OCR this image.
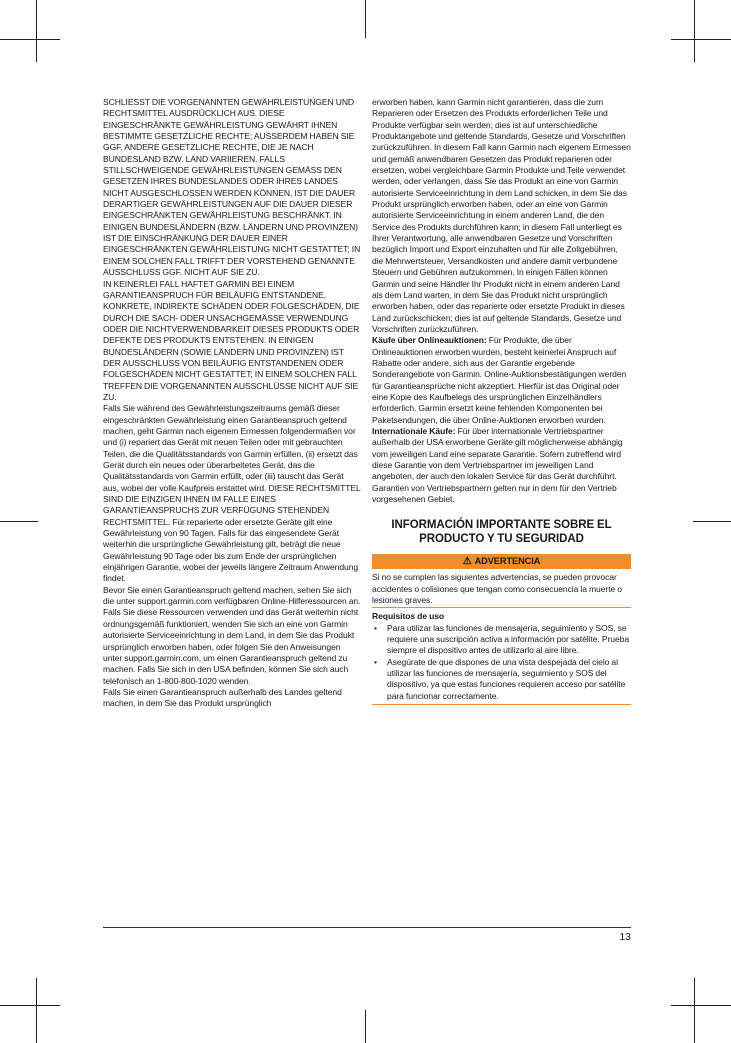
SCHLIESST DIE VORGENANNTEN GEWÄHRLEISTUNGEN UND RECHTSMITTEL AUSDRÜCKLICH AUS. DIESE EINGESCHRÄNKTE GEWÄHRLEISTUNG GEWÄHRT IHNEN BESTIMMTE GESETZLICHE RECHTE; AUSSERDEM HABEN SIE GGF. ANDERE GESETZLICHE RECHTE, DIE JE NACH BUNDESLAND BZW. LAND VARIIEREN. FALLS STILLSCHWEIGENDE GEWÄHRLEISTUNGEN GEMÄSS DEN GESETZEN IHRES BUNDESLANDES ODER IHRES LANDES NICHT AUSGESCHLOSSEN WERDEN KÖNNEN, IST DIE DAUER DERARTIGER GEWÄHRLEISTUNGEN AUF DIE DAUER DIESER EINGESCHRÄNKTEN GEWÄHRLEISTUNG BESCHRÄNKT. IN EINIGEN BUNDESLÄNDERN (BZW. LÄNDERN UND PROVINZEN) IST DIE EINSCHRÄNKUNG DER DAUER EINER EINGESCHRÄNKTEN GEWÄHRLEISTUNG NICHT GESTATTET; IN EINEM SOLCHEN FALL TRIFFT DER VORSTEHEND GENANNTE AUSSCHLUSS GGF. NICHT AUF SIE ZU.

IN KEINERLEI FALL HAFTET GARMIN BEI EINEM GARANTIEANSPRUCH FÜR BEILÄUFIG ENTSTANDENE, KONKRETE, INDIREKTE SCHÄDEN ODER FOLGESCHÄDEN, DIE DURCH DIE SACH- ODER UNSACHGEMÄSSE VERWENDUNG ODER DIE NICHTVERWENDBARKEIT DIESES PRODUKTS ODER DEFEKTE DES PRODUKTS ENTSTEHEN. IN EINIGEN BUNDESLÄNDERN (SOWIE LÄNDERN UND PROVINZEN) IST DER AUSSCHLUSS VON BEILÄUFIG ENTSTANDENEN ODER FOLGESCHÄDEN NICHT GESTATTET; IN EINEM SOLCHEN FALL TREFFEN DIE VORGENANNTEN AUSSCHLÜSSE NICHT AUF SIE ZU.

Falls Sie während des Gewährleistungszeitraums gemäß dieser eingeschränkten Gewährleistung einen Garantieanspruch geltend machen, geht Garmin nach eigenem Ermessen folgendermaßen vor und (i) repariert das Gerät mit neuen Teilen oder mit gebrauchten Teilen, die die Qualitätsstandards von Garmin erfüllen, (ii) ersetzt das Gerät durch ein neues oder überarbeitetes Gerät, das die Qualitätsstandards von Garmin erfüllt, oder (iii) tauscht das Gerät aus, wobei der volle Kaufpreis erstattet wird. DIESE RECHTSMITTEL SIND DIE EINZIGEN IHNEN IM FALLE EINES GARANTIEANSPRUCHS ZUR VERFÜGUNG STEHENDEN RECHTSMITTEL. Für reparierte oder ersetzte Geräte gilt eine Gewährleistung von 90 Tagen. Falls für das eingesendete Gerät weiterhin die ursprüngliche Gewährleistung gilt, beträgt die neue Gewährleistung 90 Tage oder bis zum Ende der ursprünglichen einjährigen Garantie, wobei der jeweils längere Zeitraum Anwendung findet.

Bevor Sie einen Garantieanspruch geltend machen, sehen Sie sich die unter support.garmin.com verfügbaren Online-Hilferessourcen an. Falls Sie diese Ressourcen verwenden und das Gerät weiterhin nicht ordnungsgemäß funktioniert, wenden Sie sich an eine von Garmin autorisierte Serviceeinrichtung in dem Land, in dem Sie das Produkt ursprünglich erworben haben, oder folgen Sie den Anweisungen unter support.garmin.com, um einen Garantieanspruch geltend zu machen. Falls Sie sich in den USA befinden, können Sie sich auch telefonisch an 1-800-800-1020 wenden.

Falls Sie einen Garantieanspruch außerhalb des Landes geltend machen, in dem Sie das Produkt ursprünglich

erworben haben, kann Garmin nicht garantieren, dass die zum Reparieren oder Ersetzen des Produkts erforderlichen Teile und Produkte verfügbar sein werden; dies ist auf unterschiedliche Produktangebote und geltende Standards, Gesetze und Vorschriften zurückzuführen. In diesem Fall kann Garmin nach eigenem Ermessen und gemäß anwendbaren Gesetzen das Produkt reparieren oder ersetzen, wobei vergleichbare Garmin Produkte und Teile verwendet werden, oder verlangen, dass Sie das Produkt an eine von Garmin autorisierte Serviceeinrichtung in dem Land schicken, in dem Sie das Produkt ursprünglich erworben haben, oder an eine von Garmin autorisierte Serviceeinrichtung in einem anderen Land, die den Service des Produkts durchführen kann; in diesem Fall unterliegt es Ihrer Verantwortung, alle anwendbaren Gesetze und Vorschriften bezüglich Import und Export einzuhalten und für alle Zollgebühren, die Mehrwertsteuer, Versandkosten und andere damit verbundene Steuern und Gebühren aufzukommen. In einigen Fällen können Garmin und seine Händler Ihr Produkt nicht in einem anderen Land als dem Land warten, in dem Sie das Produkt nicht ursprünglich erworben haben, oder das reparierte oder ersetzte Produkt in dieses Land zurückschicken; dies ist auf geltende Standards, Gesetze und Vorschriften zurückzuführen.

Käufe über Onlineauktionen: Für Produkte, die über Onlineauktionen erworben wurden, besteht keinerlei Anspruch auf Rabatte oder andere, sich aus der Garantie ergebende Sonderangebote von Garmin. Online-Auktionsbestätigungen werden für Garantieansprüche nicht akzeptiert. Hierfür ist das Original oder eine Kopie des Kaufbelegs des ursprünglichen Einzelhändlers erforderlich. Garmin ersetzt keine fehlenden Komponenten bei Paketsendungen, die über Online-Auktionen erworben wurden.

Internationale Käufe: Für über internationale Vertriebspartner außerhalb der USA erworbene Geräte gilt möglicherweise abhängig vom jeweiligen Land eine separate Garantie. Sofern zutreffend wird diese Garantie von dem Vertriebspartner im jeweiligen Land angeboten, der auch den lokalen Service für das Gerät durchführt. Garantien von Vertriebspartnern gelten nur in dem für den Vertrieb vorgesehenen Gebiet.

INFORMACIÓN IMPORTANTE SOBRE EL
PRODUCTO Y TU SEGURIDAD
⚠ ADVERTENCIA

Si no se cumplen las siguientes advertencias, se pueden provocar accidentes o colisiones que tengan como consecuencia la muerte o lesiones graves.

Requisitos de uso

• Para utilizar las funciones de mensajería, seguimiento y SOS, se requiere una suscripción activa a información por satélite. Prueba siempre el dispositivo antes de utilizarlo al aire libre.
• Asegúrate de que dispones de una vista despejada del cielo al utilizar las funciones de mensajería, seguimiento y SOS del dispositivo, ya que estas funciones requieren acceso por satélite para funcionar correctamente.
13
